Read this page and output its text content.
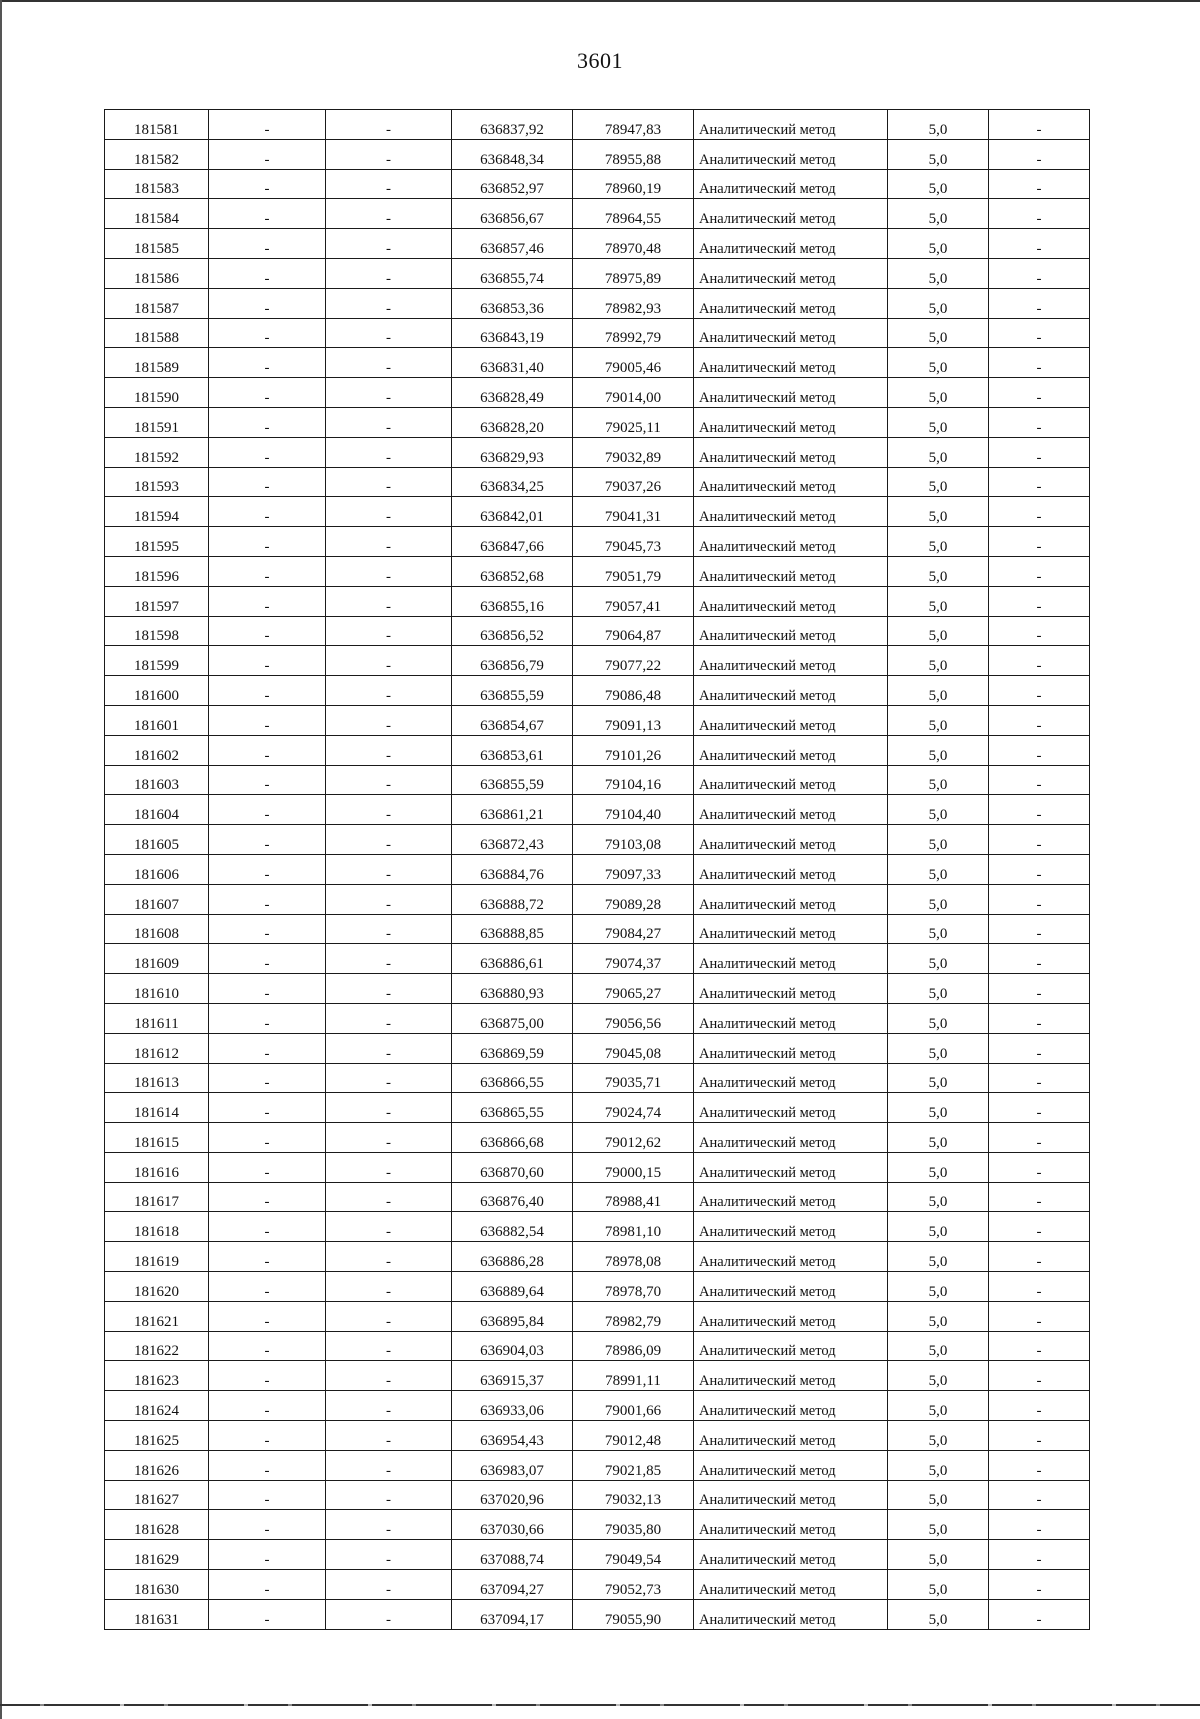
3601
181581	-	-	636837,92	78947,83	Аналитический метод	5,0	-
181582	-	-	636848,34	78955,88	Аналитический метод	5,0	-
181583	-	-	636852,97	78960,19	Аналитический метод	5,0	-
181584	-	-	636856,67	78964,55	Аналитический метод	5,0	-
181585	-	-	636857,46	78970,48	Аналитический метод	5,0	-
181586	-	-	636855,74	78975,89	Аналитический метод	5,0	-
181587	-	-	636853,36	78982,93	Аналитический метод	5,0	-
181588	-	-	636843,19	78992,79	Аналитический метод	5,0	-
181589	-	-	636831,40	79005,46	Аналитический метод	5,0	-
181590	-	-	636828,49	79014,00	Аналитический метод	5,0	-
181591	-	-	636828,20	79025,11	Аналитический метод	5,0	-
181592	-	-	636829,93	79032,89	Аналитический метод	5,0	-
181593	-	-	636834,25	79037,26	Аналитический метод	5,0	-
181594	-	-	636842,01	79041,31	Аналитический метод	5,0	-
181595	-	-	636847,66	79045,73	Аналитический метод	5,0	-
181596	-	-	636852,68	79051,79	Аналитический метод	5,0	-
181597	-	-	636855,16	79057,41	Аналитический метод	5,0	-
181598	-	-	636856,52	79064,87	Аналитический метод	5,0	-
181599	-	-	636856,79	79077,22	Аналитический метод	5,0	-
181600	-	-	636855,59	79086,48	Аналитический метод	5,0	-
181601	-	-	636854,67	79091,13	Аналитический метод	5,0	-
181602	-	-	636853,61	79101,26	Аналитический метод	5,0	-
181603	-	-	636855,59	79104,16	Аналитический метод	5,0	-
181604	-	-	636861,21	79104,40	Аналитический метод	5,0	-
181605	-	-	636872,43	79103,08	Аналитический метод	5,0	-
181606	-	-	636884,76	79097,33	Аналитический метод	5,0	-
181607	-	-	636888,72	79089,28	Аналитический метод	5,0	-
181608	-	-	636888,85	79084,27	Аналитический метод	5,0	-
181609	-	-	636886,61	79074,37	Аналитический метод	5,0	-
181610	-	-	636880,93	79065,27	Аналитический метод	5,0	-
181611	-	-	636875,00	79056,56	Аналитический метод	5,0	-
181612	-	-	636869,59	79045,08	Аналитический метод	5,0	-
181613	-	-	636866,55	79035,71	Аналитический метод	5,0	-
181614	-	-	636865,55	79024,74	Аналитический метод	5,0	-
181615	-	-	636866,68	79012,62	Аналитический метод	5,0	-
181616	-	-	636870,60	79000,15	Аналитический метод	5,0	-
181617	-	-	636876,40	78988,41	Аналитический метод	5,0	-
181618	-	-	636882,54	78981,10	Аналитический метод	5,0	-
181619	-	-	636886,28	78978,08	Аналитический метод	5,0	-
181620	-	-	636889,64	78978,70	Аналитический метод	5,0	-
181621	-	-	636895,84	78982,79	Аналитический метод	5,0	-
181622	-	-	636904,03	78986,09	Аналитический метод	5,0	-
181623	-	-	636915,37	78991,11	Аналитический метод	5,0	-
181624	-	-	636933,06	79001,66	Аналитический метод	5,0	-
181625	-	-	636954,43	79012,48	Аналитический метод	5,0	-
181626	-	-	636983,07	79021,85	Аналитический метод	5,0	-
181627	-	-	637020,96	79032,13	Аналитический метод	5,0	-
181628	-	-	637030,66	79035,80	Аналитический метод	5,0	-
181629	-	-	637088,74	79049,54	Аналитический метод	5,0	-
181630	-	-	637094,27	79052,73	Аналитический метод	5,0	-
181631	-	-	637094,17	79055,90	Аналитический метод	5,0	-
